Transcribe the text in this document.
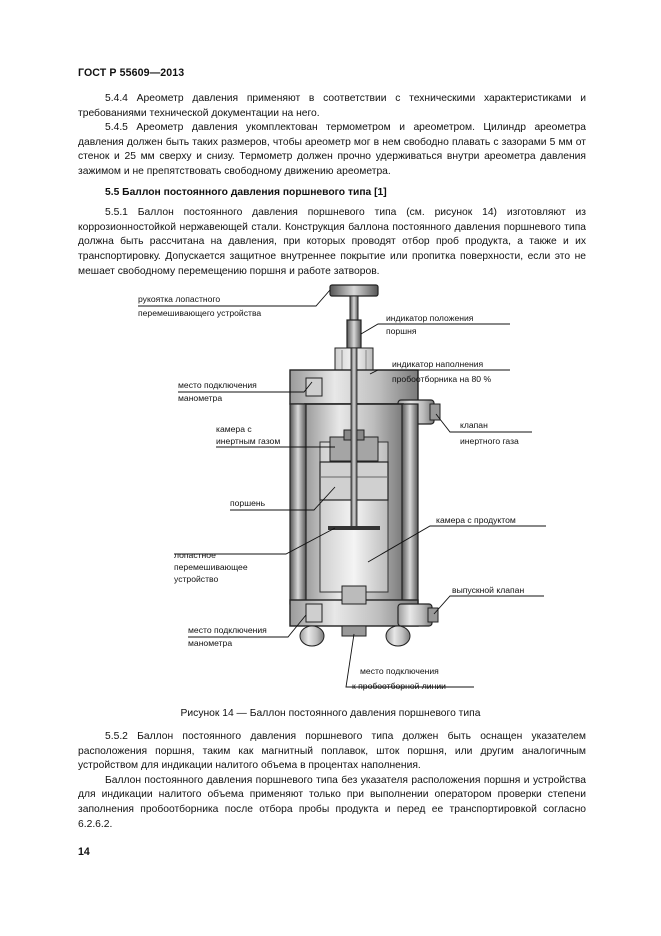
ГОСТ Р 55609—2013

5.4.4 Ареометр давления применяют в соответствии с техническими характеристиками и требованиями технической документации на него.

5.4.5 Ареометр давления укомплектован термометром и ареометром. Цилиндр ареометра давления должен быть таких размеров, чтобы ареометр мог в нем свободно плавать с зазорами 5 мм от стенок и 25 мм сверху и снизу. Термометр должен прочно удерживаться внутри ареометра давления зажимом и не препятствовать свободному движению ареометра.

5.5 Баллон постоянного давления поршневого типа [1]

5.5.1 Баллон постоянного давления поршневого типа (см. рисунок 14) изготовляют из коррозионностойкой нержавеющей стали. Конструкция баллона постоянного давления поршневого типа должна быть рассчитана на давления, при которых проводят отбор проб продукта, а также и их транспортировку. Допускается защитное внутреннее покрытие или пропитка поверхности, если это не мешает свободному перемещению поршня и работе затворов.

рукоятка лопастного
перемешивающего устройства	индикатор положения
поршня
индикатор наполнения
пробоотборника на 80 %
место подключения
манометра
камера с
инертным газом
клапан
инертного газа
поршень
камера с продуктом
лопастное
перемешивающее
устройство
выпускной клапан
место подключения
манометра
место подключения
к пробоотборной линии
Рисунок 14 — Баллон постоянного давления поршневого типа

5.5.2 Баллон постоянного давления поршневого типа должен быть оснащен указателем расположения поршня, таким как магнитный поплавок, шток поршня, или другим аналогичным устройством для индикации налитого объема в процентах наполнения.

Баллон постоянного давления поршневого типа без указателя расположения поршня и устройства для индикации налитого объема применяют только при выполнении оператором проверки степени заполнения пробоотборника после отбора пробы продукта и перед ее транспортировкой согласно 6.2.6.2.

14
